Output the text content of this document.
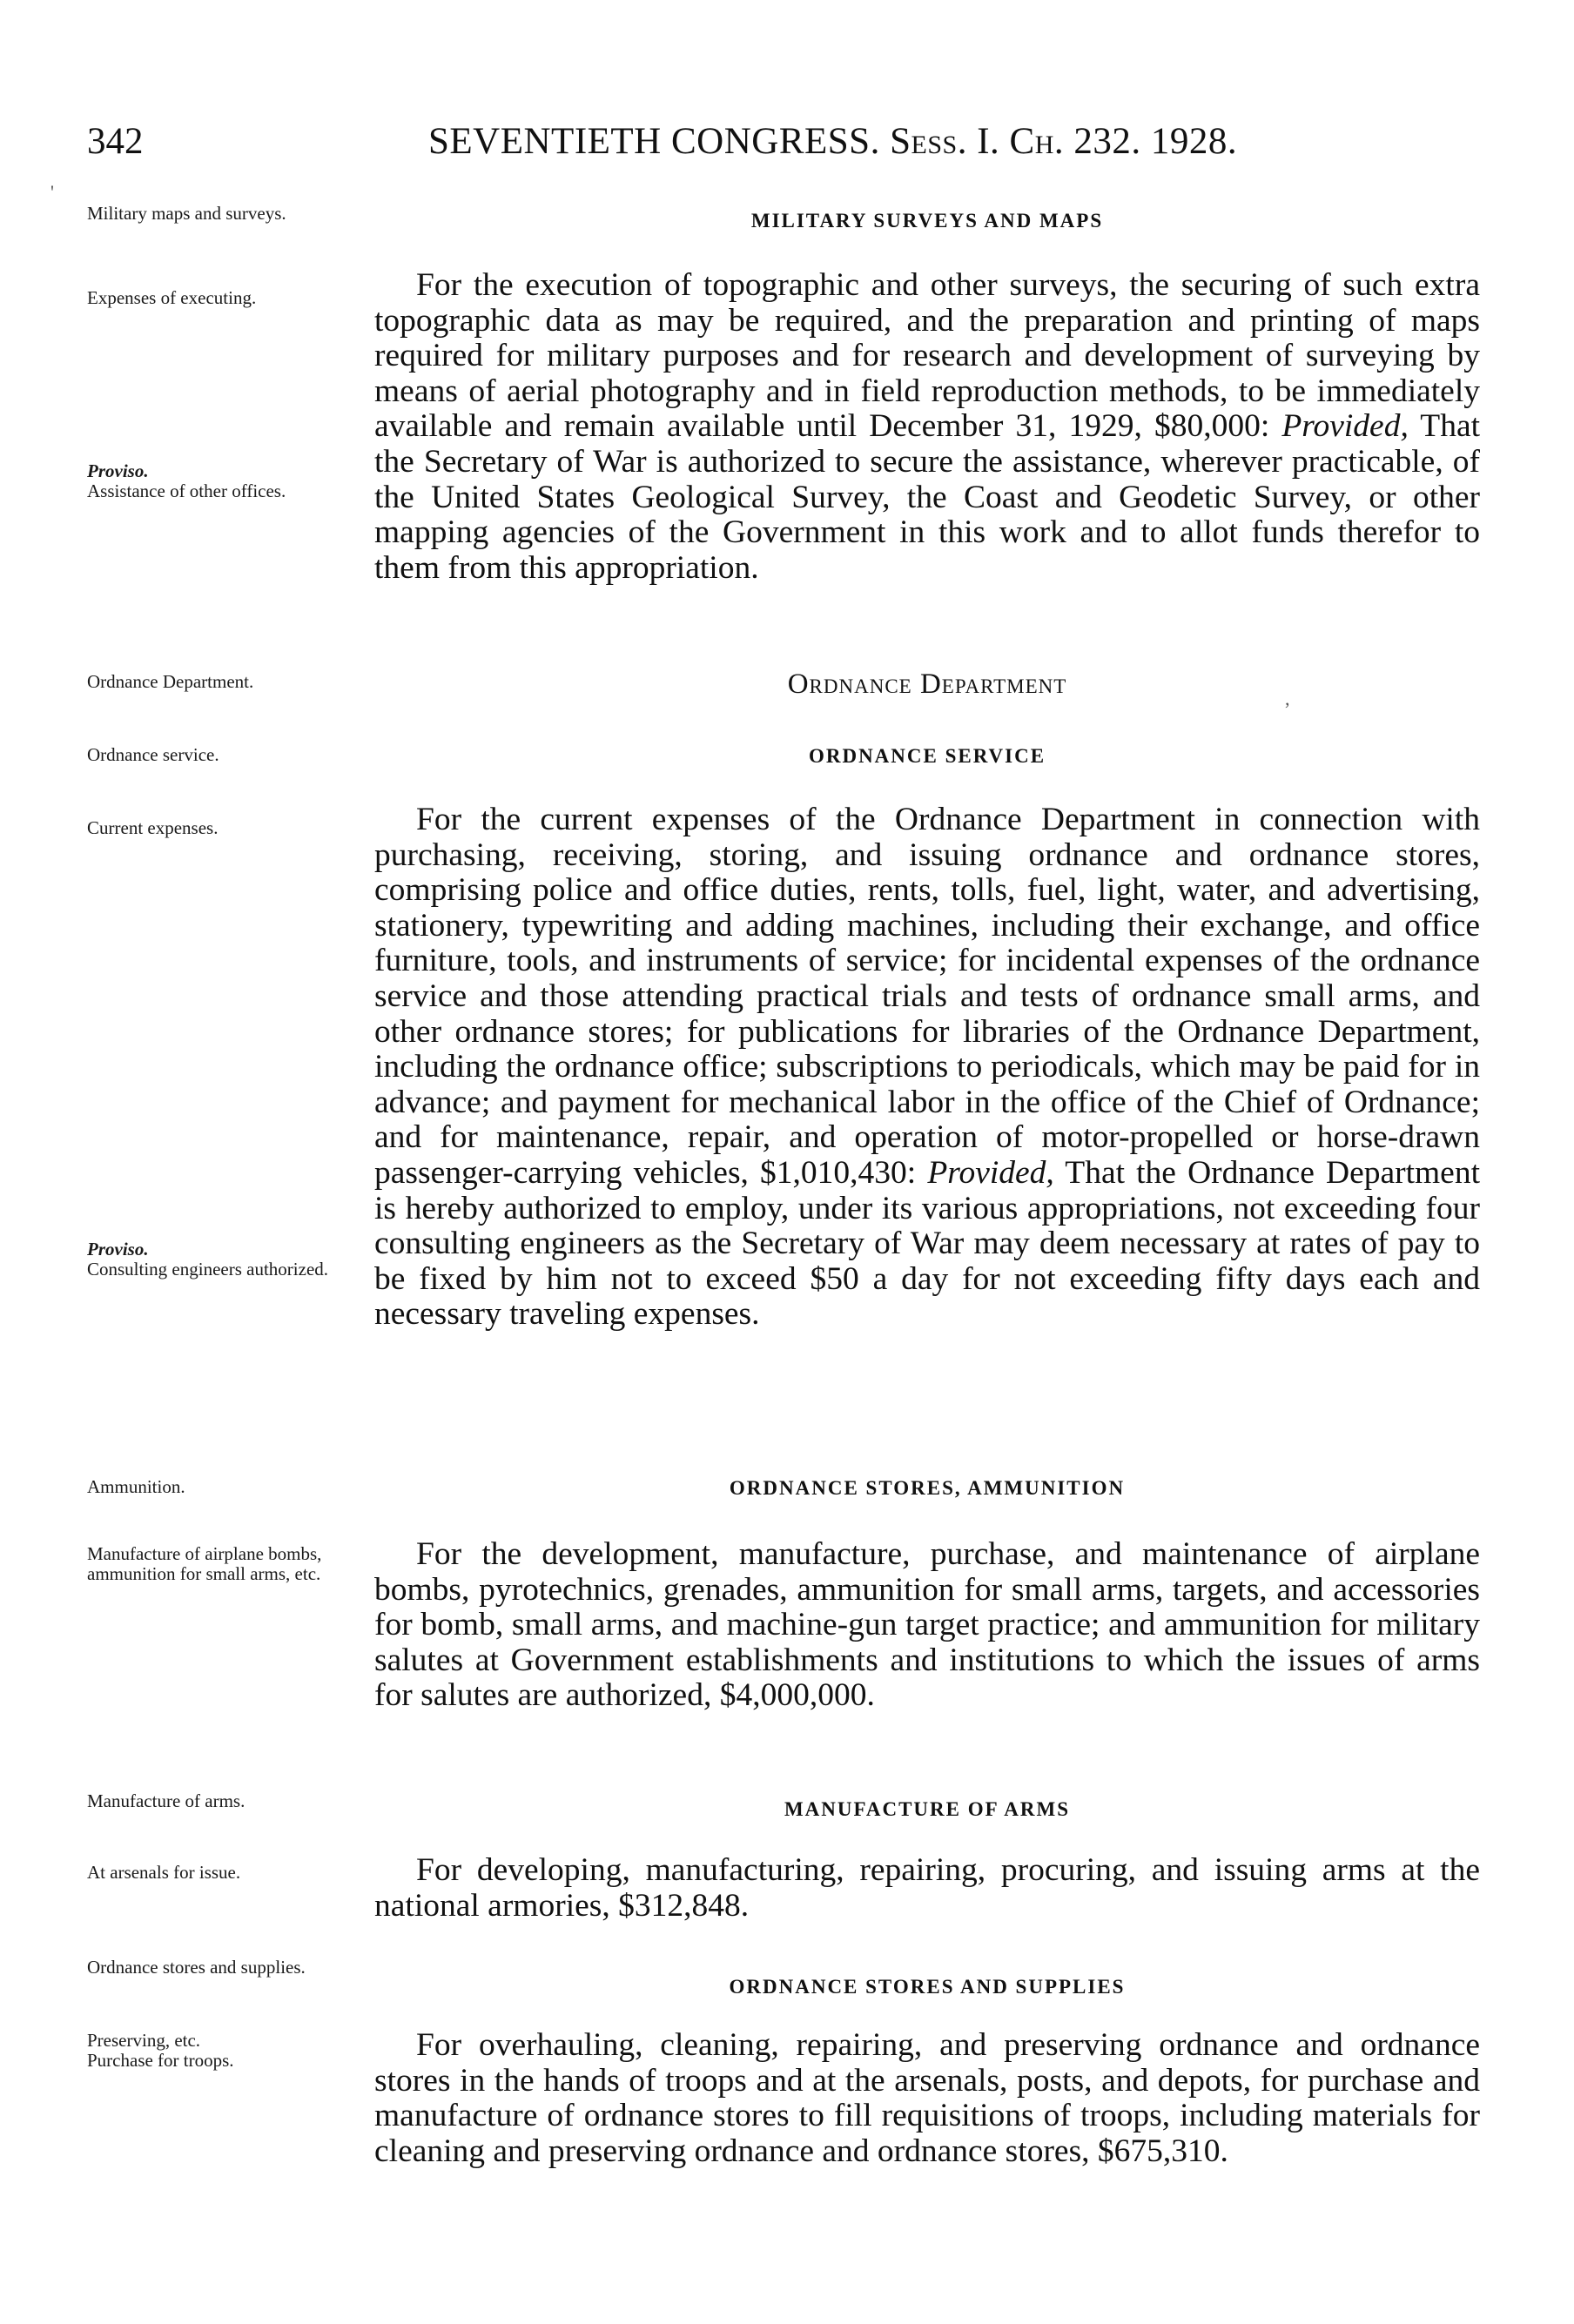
342	SEVENTIETH CONGRESS. Sess. I. Ch. 232. 1928.
Military maps and surveys.
Expenses of executing.
Proviso.
Assistance of other offices.
Ordnance Department.
Ordnance service.
Current expenses.
Proviso.
Consulting engineers authorized.
Ammunition.
Manufacture of airplane bombs, ammunition for small arms, etc.
Manufacture of arms.
At arsenals for issue.
Ordnance stores and supplies.
Preserving, etc.
Purchase for troops.
MILITARY SURVEYS AND MAPS
For the execution of topographic and other surveys, the securing of such extra topographic data as may be required, and the preparation and printing of maps required for military purposes and for research and development of surveying by means of aerial photography and in field reproduction methods, to be immediately available and remain available until December 31, 1929, $80,000: Provided, That the Secretary of War is authorized to secure the assistance, wherever practicable, of the United States Geological Survey, the Coast and Geodetic Survey, or other mapping agencies of the Government in this work and to allot funds therefor to them from this appropriation.
Ordnance Department
ORDNANCE SERVICE
For the current expenses of the Ordnance Department in connection with purchasing, receiving, storing, and issuing ordnance and ordnance stores, comprising police and office duties, rents, tolls, fuel, light, water, and advertising, stationery, typewriting and adding machines, including their exchange, and office furniture, tools, and instruments of service; for incidental expenses of the ordnance service and those attending practical trials and tests of ordnance small arms, and other ordnance stores; for publications for libraries of the Ordnance Department, including the ordnance office; subscriptions to periodicals, which may be paid for in advance; and payment for mechanical labor in the office of the Chief of Ordnance; and for maintenance, repair, and operation of motor-propelled or horse-drawn passenger-carrying vehicles, $1,010,430: Provided, That the Ordnance Department is hereby authorized to employ, under its various appropriations, not exceeding four consulting engineers as the Secretary of War may deem necessary at rates of pay to be fixed by him not to exceed $50 a day for not exceeding fifty days each and necessary traveling expenses.
ORDNANCE STORES, AMMUNITION
For the development, manufacture, purchase, and maintenance of airplane bombs, pyrotechnics, grenades, ammunition for small arms, targets, and accessories for bomb, small arms, and machine-gun target practice; and ammunition for military salutes at Government establishments and institutions to which the issues of arms for salutes are authorized, $4,000,000.
MANUFACTURE OF ARMS
For developing, manufacturing, repairing, procuring, and issuing arms at the national armories, $312,848.
ORDNANCE STORES AND SUPPLIES
For overhauling, cleaning, repairing, and preserving ordnance and ordnance stores in the hands of troops and at the arsenals, posts, and depots, for purchase and manufacture of ordnance stores to fill requisitions of troops, including materials for cleaning and preserving ordnance and ordnance stores, $675,310.
'
,
